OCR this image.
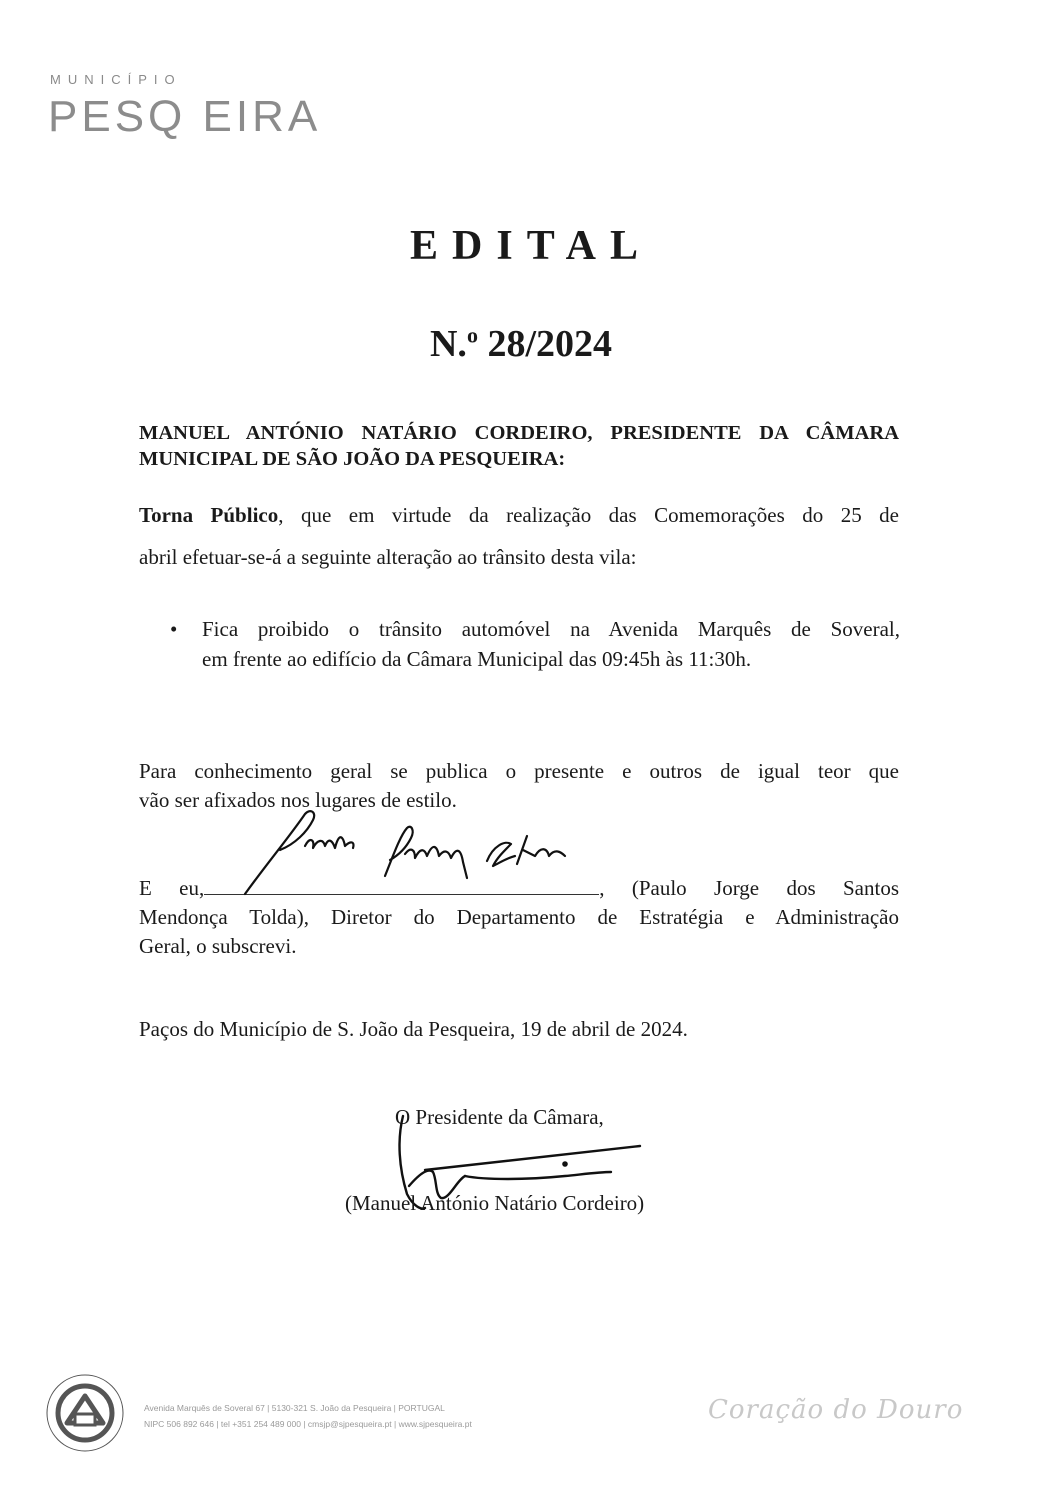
MUNICÍPIO
PESQ EIRA
EDITAL
N.$^o$ 28/2024
MANUEL ANTÓNIO NATÁRIO CORDEIRO, PRESIDENTE DA CÂMARA
MUNICIPAL DE SÃO JOÃO DA PESQUEIRA:
Torna Público, que em virtude da realização das Comemorações do 25 de
abril efetuar-se-á a seguinte alteração ao trânsito desta vila:
• Fica proibido o trânsito automóvel na Avenida Marquês de Soveral,
em frente ao edifício da Câmara Municipal das 09:45h às 11:30h.
Para conhecimento geral se publica o presente e outros de igual teor que
vão ser afixados nos lugares de estilo.
E eu,	, (Paulo Jorge dos Santos
Mendonça Tolda), Diretor do Departamento de Estratégia e Administração
Geral, o subscrevi.
Paços do Município de S. João da Pesqueira, 19 de abril de 2024.
O Presidente da Câmara,
(Manuel António Natário Cordeiro)
Avenida Marquês de Soveral 67 | 5130-321 S. João da Pesqueira | PORTUGAL
NIPC 506 892 646 | tel +351 254 489 000 | cmsjp@sjpesqueira.pt | www.sjpesqueira.pt	Coração do Douro
